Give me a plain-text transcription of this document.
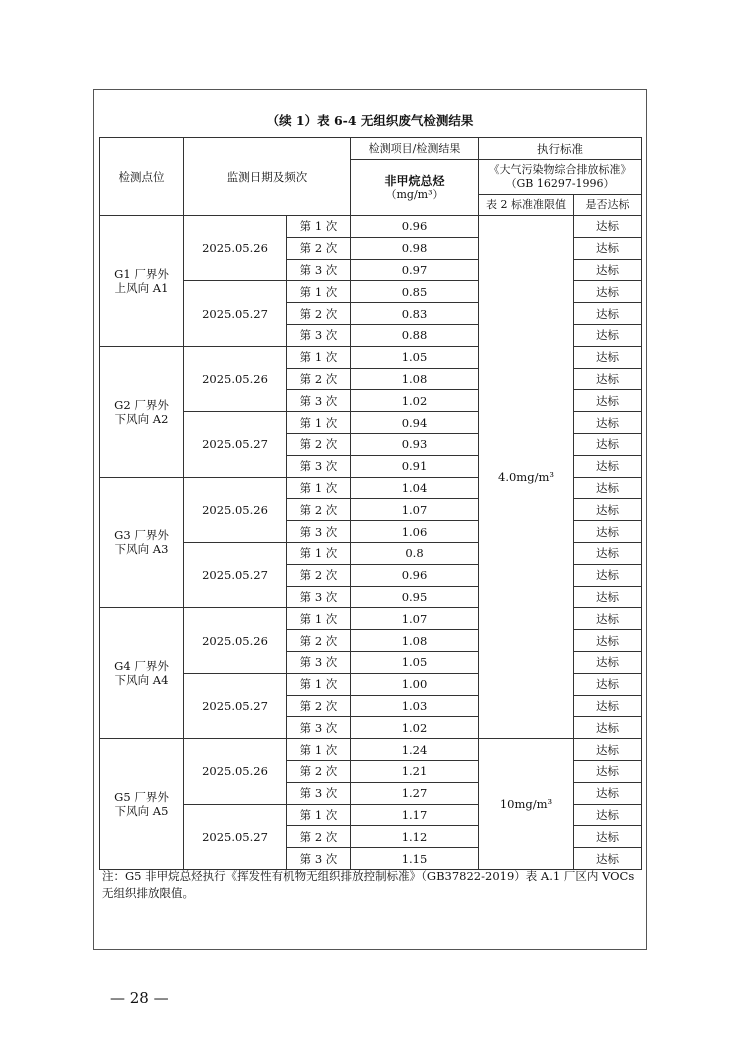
（续 1）表 6-4 无组织废气检测结果
检测点位	监测日期及频次		检测项目/检测结果	执行标准	

			非甲烷总烃
（mg/m³）	《大气污染物综合排放标准》（GB 16297-1996）	
				表 2 标准准限值	是否达标
G1 厂界外上风向 A1	2025.05.26	第 1 次	0.96	4.0mg/m³	达标
		第 2 次	0.98		达标
		第 3 次	0.97		达标
	2025.05.27	第 1 次	0.85		达标
		第 2 次	0.83		达标
		第 3 次	0.88		达标
G2 厂界外下风向 A2	2025.05.26	第 1 次	1.05		达标
		第 2 次	1.08		达标
		第 3 次	1.02		达标
	2025.05.27	第 1 次	0.94		达标
		第 2 次	0.93		达标
		第 3 次	0.91		达标
G3 厂界外下风向 A3	2025.05.26	第 1 次	1.04		达标
		第 2 次	1.07		达标
		第 3 次	1.06		达标
	2025.05.27	第 1 次	0.8		达标
		第 2 次	0.96		达标
		第 3 次	0.95		达标
G4 厂界外下风向 A4	2025.05.26	第 1 次	1.07		达标
		第 2 次	1.08		达标
		第 3 次	1.05		达标
	2025.05.27	第 1 次	1.00		达标
		第 2 次	1.03		达标
		第 3 次	1.02		达标
G5 厂界外下风向 A5	2025.05.26	第 1 次	1.24	10mg/m³	达标
		第 2 次	1.21		达标
		第 3 次	1.27		达标
	2025.05.27	第 1 次	1.17		达标
		第 2 次	1.12		达标
		第 3 次	1.15		达标
注：G5 非甲烷总烃执行《挥发性有机物无组织排放控制标准》（GB37822-2019）表 A.1 厂区内 VOCs 无组织排放限值。
— 28 —
